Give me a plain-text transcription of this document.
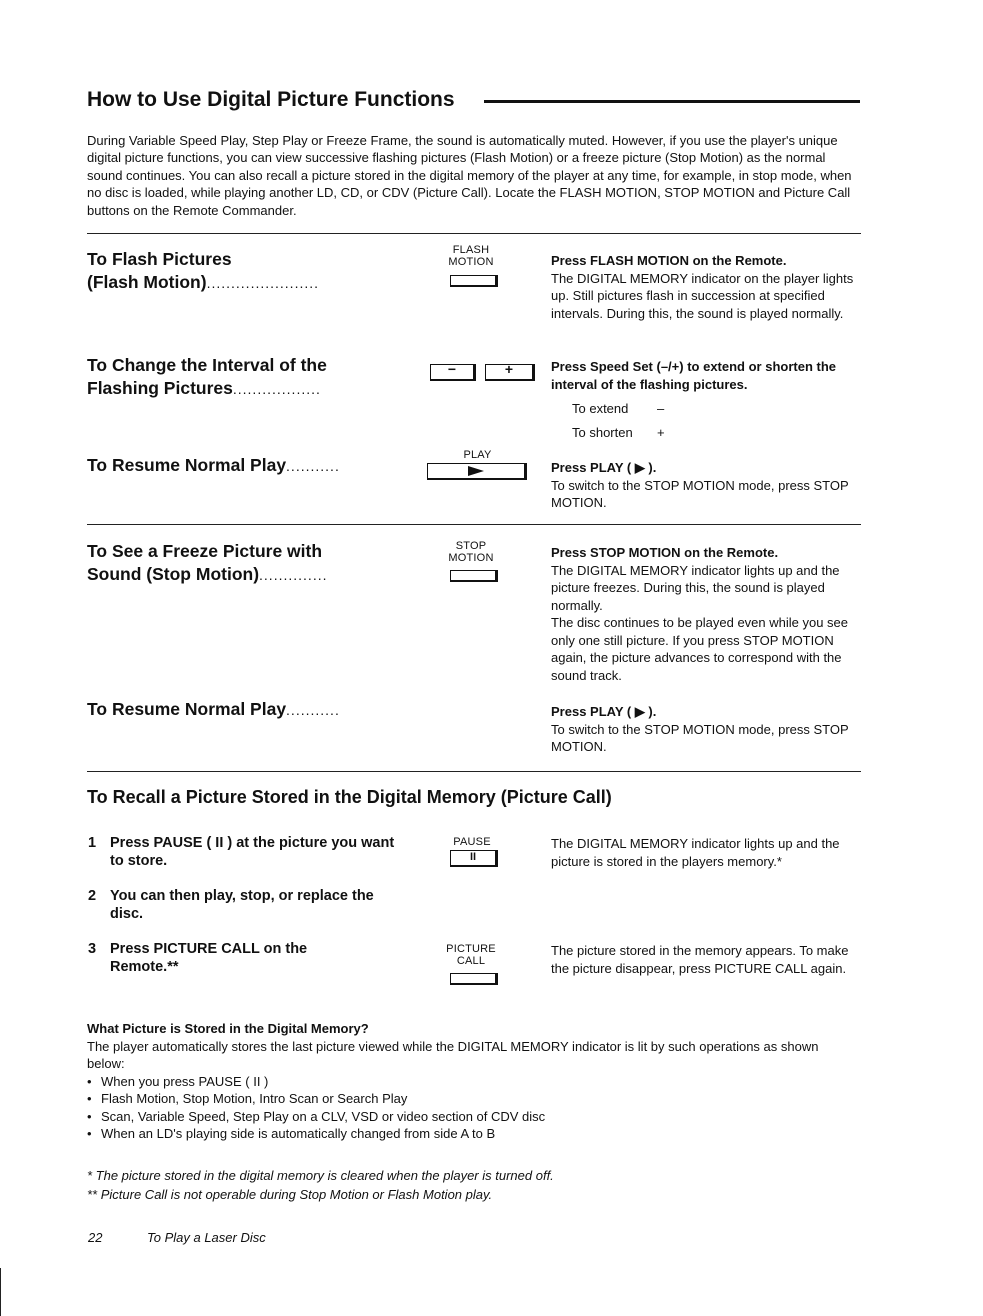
How to Use Digital Picture Functions

During Variable Speed Play, Step Play or Freeze Frame, the sound is automatically muted. However, if you use the player's unique digital picture functions, you can view successive flashing pictures (Flash Motion) or a freeze picture (Stop Motion) as the normal sound continues. You can also recall a picture stored in the digital memory of the player at any time, for example, in stop mode, when no disc is loaded, while playing another LD, CD, or CDV (Picture Call). Locate the FLASH MOTION, STOP MOTION and Picture Call buttons on the Remote Commander.

To Flash Pictures
(Flash Motion).......................
FLASH
MOTION	Press FLASH MOTION on the Remote.
The DIGITAL MEMORY indicator on the player lights up. Still pictures flash in succession at specified intervals. During this, the sound is played normally.
To Change the Interval of the
Flashing Pictures..................
−	+	Press Speed Set (–/+) to extend or shorten the interval of the flashing pictures.
To extend –
To shorten +
To Resume Normal Play...........
PLAY
Press PLAY ( ▶ ).
To switch to the STOP MOTION mode, press STOP MOTION.
To See a Freeze Picture with
Sound (Stop Motion)..............
STOP
MOTION	Press STOP MOTION on the Remote.
The DIGITAL MEMORY indicator lights up and the picture freezes. During this, the sound is played normally.
The disc continues to be played even while you see only one still picture. If you press STOP MOTION again, the picture advances to correspond with the sound track.
To Resume Normal Play...........	Press PLAY ( ▶ ).
To switch to the STOP MOTION mode, press STOP MOTION.
To Recall a Picture Stored in the Digital Memory (Picture Call)
1 Press PAUSE ( II ) at the picture you want to store.
PAUSE
II
The DIGITAL MEMORY indicator lights up and the picture is stored in the players memory.*
2 You can then play, stop, or replace the disc.
3 Press PICTURE CALL on the Remote.**
PICTURE
CALL
The picture stored in the memory appears. To make the picture disappear, press PICTURE CALL again.
What Picture is Stored in the Digital Memory?
The player automatically stores the last picture viewed while the DIGITAL MEMORY indicator is lit by such operations as shown below:
• When you press PAUSE ( II )
• Flash Motion, Stop Motion, Intro Scan or Search Play
• Scan, Variable Speed, Step Play on a CLV, VSD or video section of CDV disc
• When an LD's playing side is automatically changed from side A to B
* The picture stored in the digital memory is cleared when the player is turned off.
** Picture Call is not operable during Stop Motion or Flash Motion play.
22	To Play a Laser Disc
